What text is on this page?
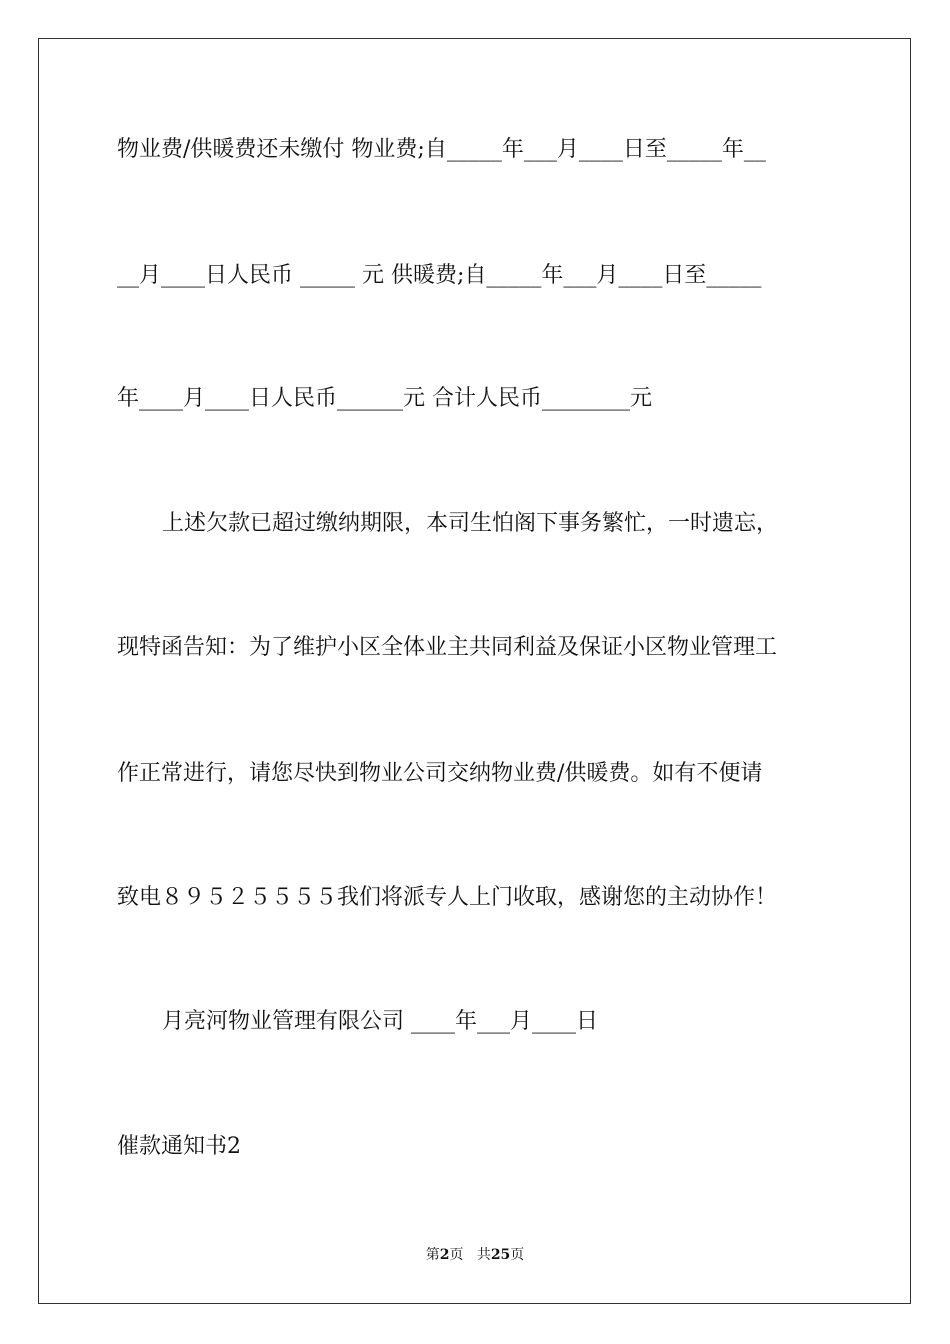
物业费/供暖费还未缴付 物业费;自_____年___月____日至_____年__
__月____日人民币 _____ 元 供暖费;自_____年___月____日至_____
年____月____日人民币______元 合计人民币________元
上述欠款已超过缴纳期限，本司生怕阁下事务繁忙，一时遗忘，
现特函告知：为了维护小区全体业主共同利益及保证小区物业管理工
作正常进行，请您尽快到物业公司交纳物业费/供暖费。如有不便请
致电８９５２５５５５我们将派专人上门收取，感谢您的主动协作！
月亮河物业管理有限公司 ____年___月____日
催款通知书2
第2页 共25页
